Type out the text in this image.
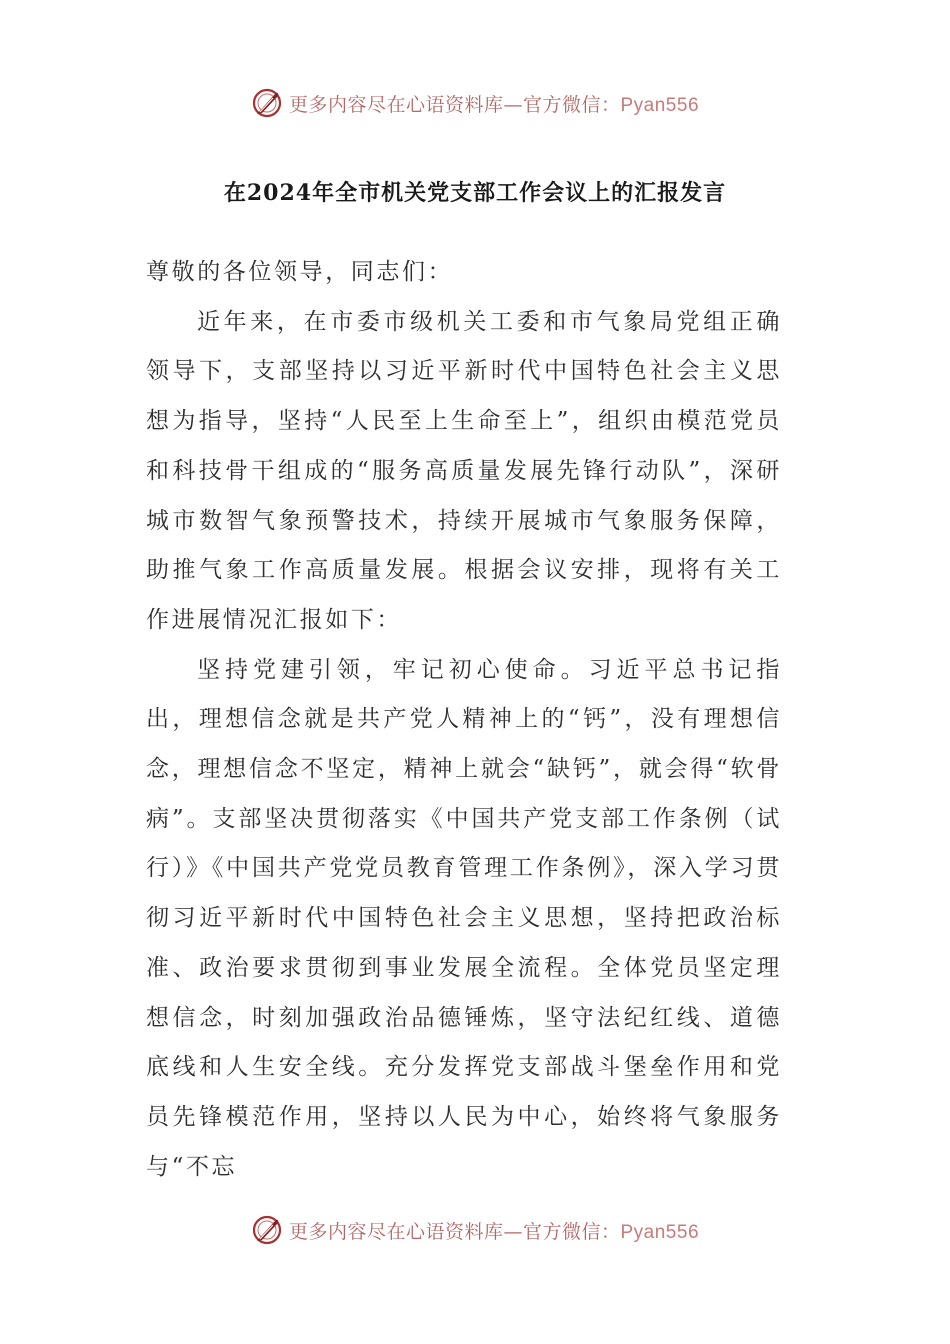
更多内容尽在心语资料库—官方微信：Pyan556
在2024年全市机关党支部工作会议上的汇报发言

尊敬的各位领导，同志们：

近年来，在市委市级机关工委和市气象局党组正确领导下，支部坚持以习近平新时代中国特色社会主义思想为指导，坚持“人民至上生命至上”，组织由模范党员和科技骨干组成的“服务高质量发展先锋行动队”，深研城市数智气象预警技术，持续开展城市气象服务保障，助推气象工作高质量发展。根据会议安排，现将有关工作进展情况汇报如下：

坚持党建引领，牢记初心使命。习近平总书记指出，理想信念就是共产党人精神上的“钙”，没有理想信念，理想信念不坚定，精神上就会“缺钙”，就会得“软骨病”。支部坚决贯彻落实《中国共产党支部工作条例（试行）》《中国共产党党员教育管理工作条例》，深入学习贯彻习近平新时代中国特色社会主义思想，坚持把政治标准、政治要求贯彻到事业发展全流程。全体党员坚定理想信念，时刻加强政治品德锤炼，坚守法纪红线、道德底线和人生安全线。充分发挥党支部战斗堡垒作用和党员先锋模范作用，坚持以人民为中心，始终将气象服务与“不忘

更多内容尽在心语资料库—官方微信：Pyan556
